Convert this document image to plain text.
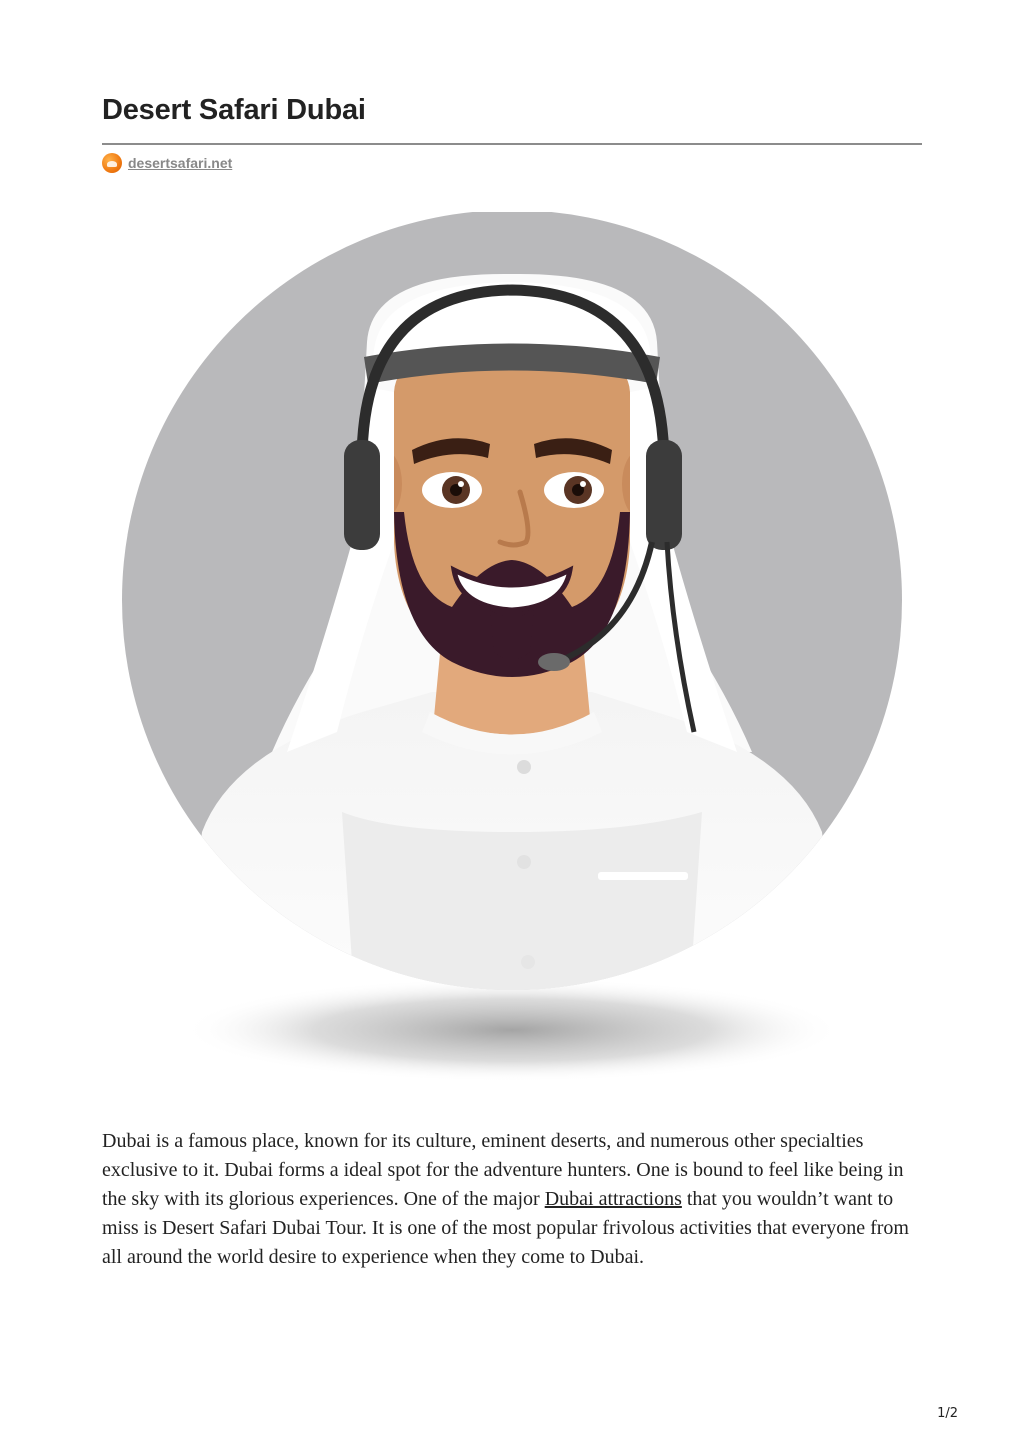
Desert Safari Dubai
desertsafari.net

Dubai is a famous place, known for its culture, eminent deserts, and numerous other specialties exclusive to it. Dubai forms a ideal spot for the adventure hunters. One is bound to feel like being in the sky with its glorious experiences. One of the major Dubai attractions that you wouldn’t want to miss is Desert Safari Dubai Tour. It is one of the most popular frivolous activities that everyone from all around the world desire to experience when they come to Dubai.

1/2
